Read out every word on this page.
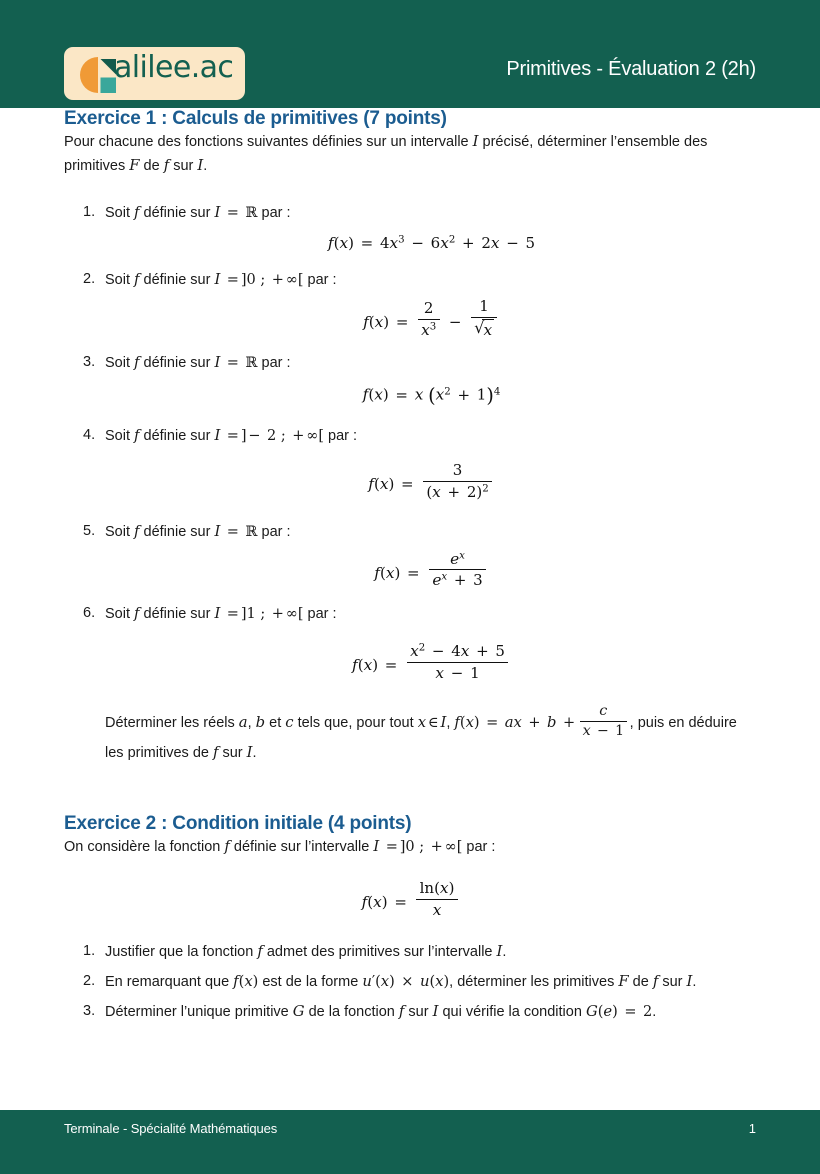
alilee.ac	Primitives - Évaluation 2 (2h)
Exercice 1 : Calculs de primitives (7 points)

Pour chacune des fonctions suivantes définies sur un intervalle I précisé, déterminer l’ensemble des primitives F de f sur I.

Soit f définie sur I = ℝ par :
$f(x) = 4x^3 - 6x^2 + 2x - 5$
Soit f définie sur I = ]0 ; + ∞[ par :
$f(x) = \frac{2}{x^3} - \frac{1}{√ x}$
Soit f définie sur I = ℝ par :
f(x) = x $(x^2 + 1)^4$
Soit f définie sur I = ] − 2 ; + ∞[ par :
$f(x) = \frac{3}{(x + 2)^2}$
Soit f définie sur I = ℝ par :
$f(x) = \frac{e^x}{e^x + 3}$
Soit f définie sur I = ]1 ; + ∞[ par :
$f(x) = \frac{x^2 - 4x + 5}{x - 1}$

Déterminer les réels a, b et c tels que, pour tout x ∈ I, f(x) = ax + $b + \frac{c}{x - 1}$ , puis en déduire les primitives de f sur I.

Exercice 2 : Condition initiale (4 points)

On considère la fonction f définie sur l’intervalle I = ]0 ; + ∞[ par :

$f(x) = \frac{\ln(x)}{x}$
Justifier que la fonction f admet des primitives sur l’intervalle I.
En remarquant que f(x) est de la forme u′(x) × u(x), déterminer les primitives F de f sur I.
Déterminer l’unique primitive G de la fonction f sur I qui vérifie la condition G(e) = 2.
Terminale - Spécialité Mathématiques	1
